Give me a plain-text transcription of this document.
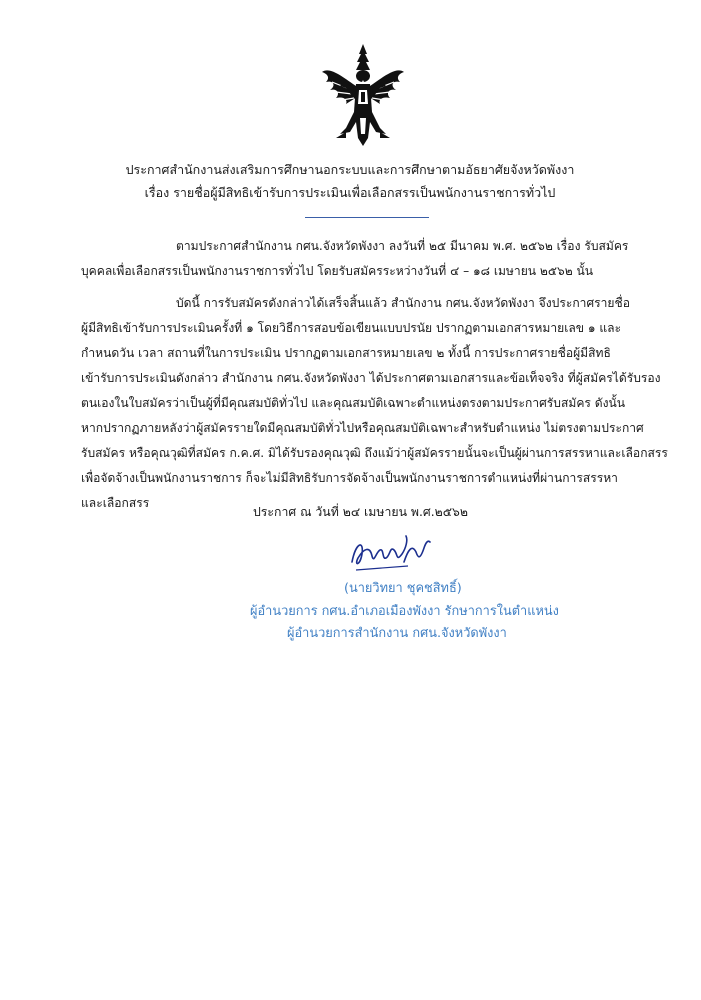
ประกาศสำนักงานส่งเสริมการศึกษานอกระบบและการศึกษาตามอัธยาศัยจังหวัดพังงา
เรื่อง รายชื่อผู้มีสิทธิเข้ารับการประเมินเพื่อเลือกสรรเป็นพนักงานราชการทั่วไป
ตามประกาศสำนักงาน กศน.จังหวัดพังงา ลงวันที่ ๒๕ มีนาคม พ.ศ. ๒๕๖๒ เรื่อง รับสมัคร
บุคคลเพื่อเลือกสรรเป็นพนักงานราชการทั่วไป โดยรับสมัครระหว่างวันที่ ๔ – ๑๘ เมษายน ๒๕๖๒ นั้น
บัดนี้ การรับสมัครดังกล่าวได้เสร็จสิ้นแล้ว สำนักงาน กศน.จังหวัดพังงา จึงประกาศรายชื่อ
ผู้มีสิทธิเข้ารับการประเมินครั้งที่ ๑ โดยวิธีการสอบข้อเขียนแบบปรนัย ปรากฏตามเอกสารหมายเลข ๑ และ
กำหนดวัน เวลา สถานที่ในการประเมิน ปรากฏตามเอกสารหมายเลข ๒ ทั้งนี้ การประกาศรายชื่อผู้มีสิทธิ
เข้ารับการประเมินดังกล่าว สำนักงาน กศน.จังหวัดพังงา ได้ประกาศตามเอกสารและข้อเท็จจริง ที่ผู้สมัครได้รับรอง
ตนเองในใบสมัครว่าเป็นผู้ที่มีคุณสมบัติทั่วไป และคุณสมบัติเฉพาะตำแหน่งตรงตามประกาศรับสมัคร ดังนั้น
หากปรากฏภายหลังว่าผู้สมัครรายใดมีคุณสมบัติทั่วไปหรือคุณสมบัติเฉพาะสำหรับตำแหน่ง ไม่ตรงตามประกาศ
รับสมัคร หรือคุณวุฒิที่สมัคร ก.ค.ศ. มิได้รับรองคุณวุฒิ ถึงแม้ว่าผู้สมัครรายนั้นจะเป็นผู้ผ่านการสรรหาและเลือกสรร
เพื่อจัดจ้างเป็นพนักงานราชการ ก็จะไม่มีสิทธิรับการจัดจ้างเป็นพนักงานราชการตำแหน่งที่ผ่านการสรรหา
และเลือกสรร
ประกาศ ณ วันที่ ๒๔ เมษายน พ.ศ.๒๕๖๒
(นายวิทยา ชุคชสิทธิ์)
ผู้อำนวยการ กศน.อำเภอเมืองพังงา รักษาการในตำแหน่ง
ผู้อำนวยการสำนักงาน กศน.จังหวัดพังงา
